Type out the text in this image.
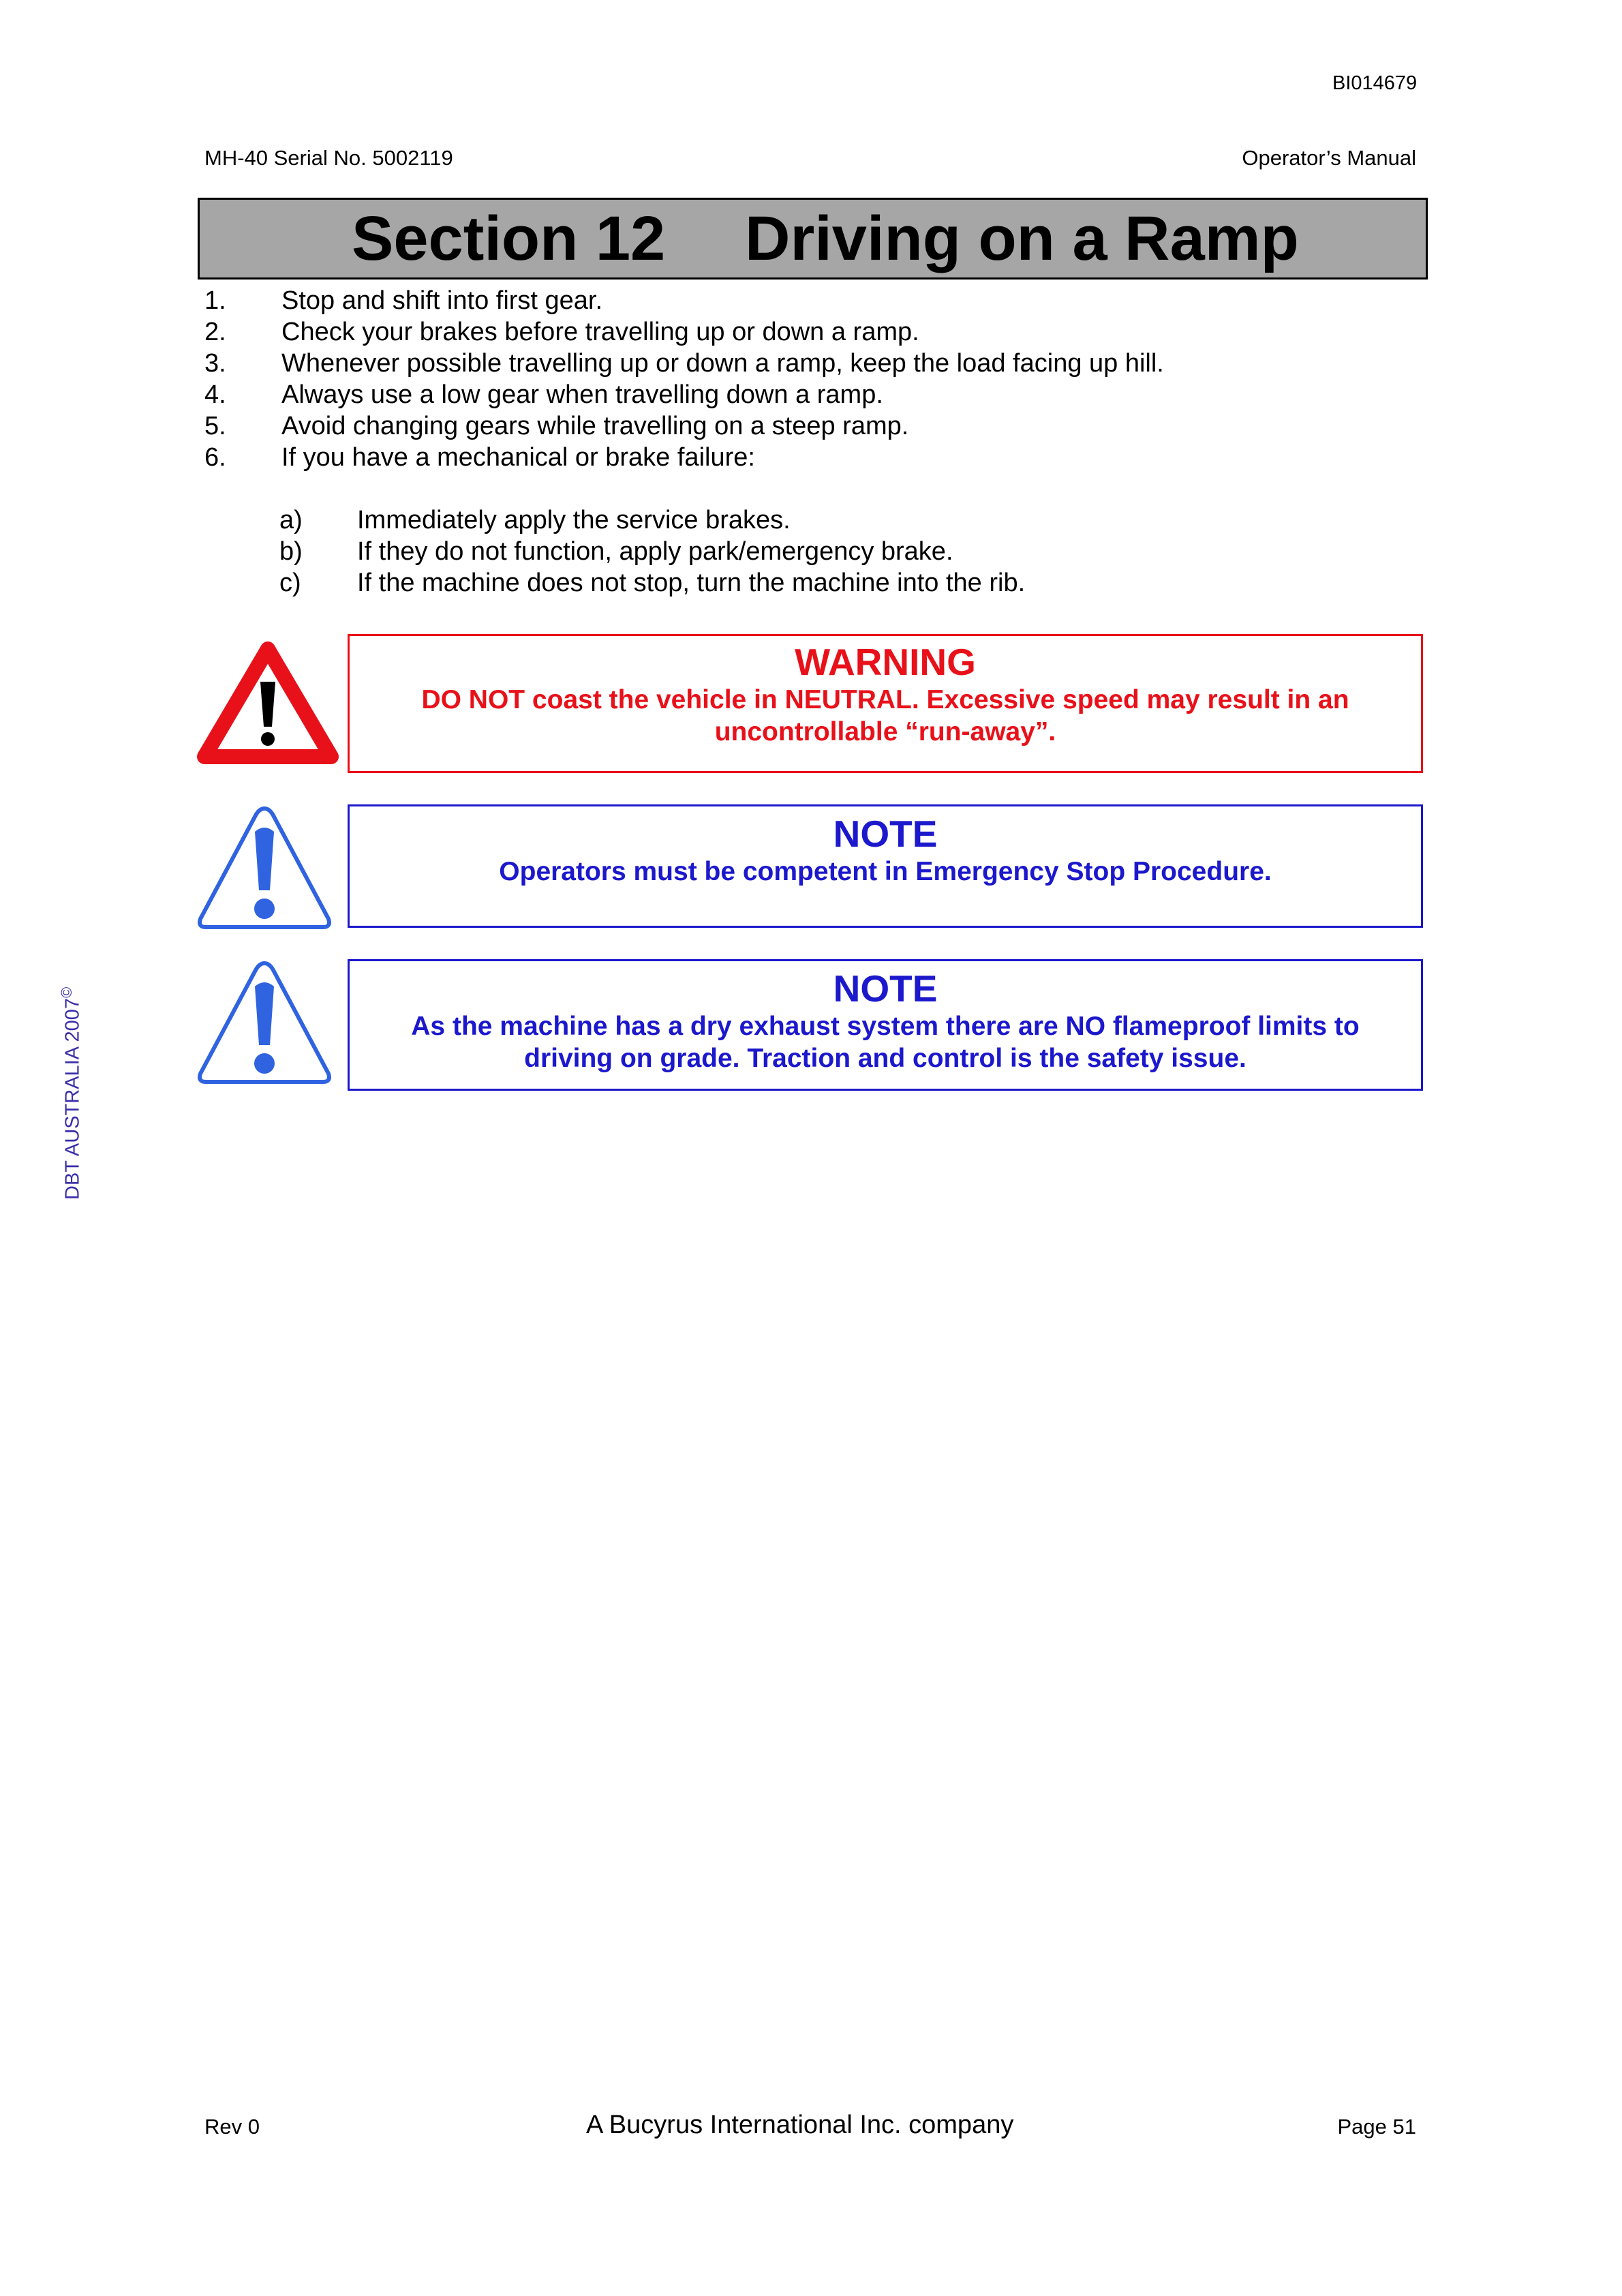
BI014679
MH-40 Serial No. 5002119	Operator’s Manual
Section 12 Driving on a Ramp
1. Stop and shift into first gear.
2. Check your brakes before travelling up or down a ramp.
3. Whenever possible travelling up or down a ramp, keep the load facing up hill.
4. Always use a low gear when travelling down a ramp.
5. Avoid changing gears while travelling on a steep ramp.
6. If you have a mechanical or brake failure:
a) Immediately apply the service brakes.
b) If they do not function, apply park/emergency brake.
c) If the machine does not stop, turn the machine into the rib.
WARNING
DO NOT coast the vehicle in NEUTRAL. Excessive speed may result in an
uncontrollable “run-away”.
NOTE
Operators must be competent in Emergency Stop Procedure.
NOTE
As the machine has a dry exhaust system there are NO flameproof limits to
driving on grade. Traction and control is the safety issue.
DBT AUSTRALIA 2007©
Rev 0	A Bucyrus International Inc. company	Page 51
